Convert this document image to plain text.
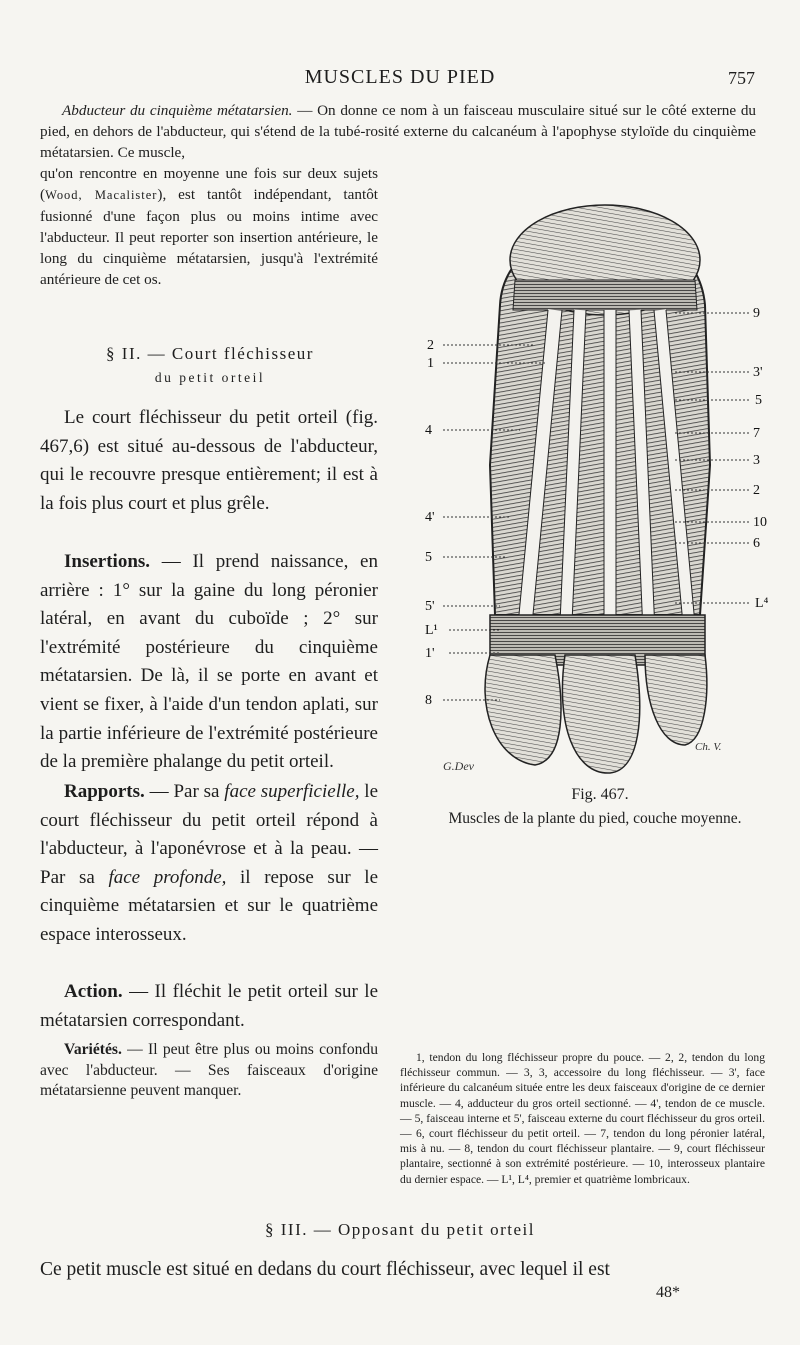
MUSCLES DU PIED	757
Abducteur du cinquième métatarsien. — On donne ce nom à un faisceau musculaire situé sur le côté externe du pied, en dehors de l'abducteur, qui s'étend de la tubé-rosité externe du calcanéum à l'apophyse styloïde du cinquième métatarsien. Ce muscle,
qu'on rencontre en moyenne une fois sur deux sujets (Wood, Macalister), est tantôt indépendant, tantôt fusionné d'une façon plus ou moins intime avec l'abducteur. Il peut reporter son insertion antérieure, le long du cinquième métatarsien, jusqu'à l'extrémité antérieure de cet os.
§ II. — Court fléchisseur
du petit orteil
Le court fléchisseur du petit orteil (fig. 467,6) est situé au-dessous de l'abducteur, qui le recouvre presque entièrement; il est à la fois plus court et plus grêle.
Insertions. — Il prend naissance, en arrière : 1° sur la gaine du long péronier latéral, en avant du cuboïde ; 2° sur l'extrémité postérieure du cinquième métatarsien. De là, il se porte en avant et vient se fixer, à l'aide d'un tendon aplati, sur la partie inférieure de l'extrémité postérieure de la première phalange du petit orteil.
Rapports. — Par sa face superficielle, le court fléchisseur du petit orteil répond à l'abducteur, à l'aponévrose et à la peau. — Par sa face profonde, il repose sur le cinquième métatarsien et sur le quatrième espace interosseux.
Action. — Il fléchit le petit orteil sur le métatarsien correspondant.
Variétés. — Il peut être plus ou moins confondu avec l'abducteur. — Ses faisceaux d'origine métatarsienne peuvent manquer.
2
1
4
4'
5
5'
L¹
1'
8
9
3'
5
7
3
2
10
6
L⁴
G.Dev
Ch. V.
Fig. 467.
Muscles de la plante du pied, couche moyenne.
1, tendon du long fléchisseur propre du pouce. — 2, 2, tendon du long fléchisseur commun. — 3, 3, accessoire du long fléchisseur. — 3', face inférieure du calcanéum située entre les deux faisceaux d'origine de ce dernier muscle. — 4, adducteur du gros orteil sectionné. — 4', tendon de ce muscle. — 5, faisceau interne et 5', faisceau externe du court fléchisseur du gros orteil. — 6, court fléchisseur du petit orteil. — 7, tendon du long péronier latéral, mis à nu. — 8, tendon du court fléchisseur plantaire. — 9, court fléchisseur plantaire, sectionné à son extrémité postérieure. — 10, interosseux plantaire du dernier espace. — L¹, L⁴, premier et quatrième lombricaux.
§ III. — Opposant du petit orteil
Ce petit muscle est situé en dedans du court fléchisseur, avec lequel il est
48*
